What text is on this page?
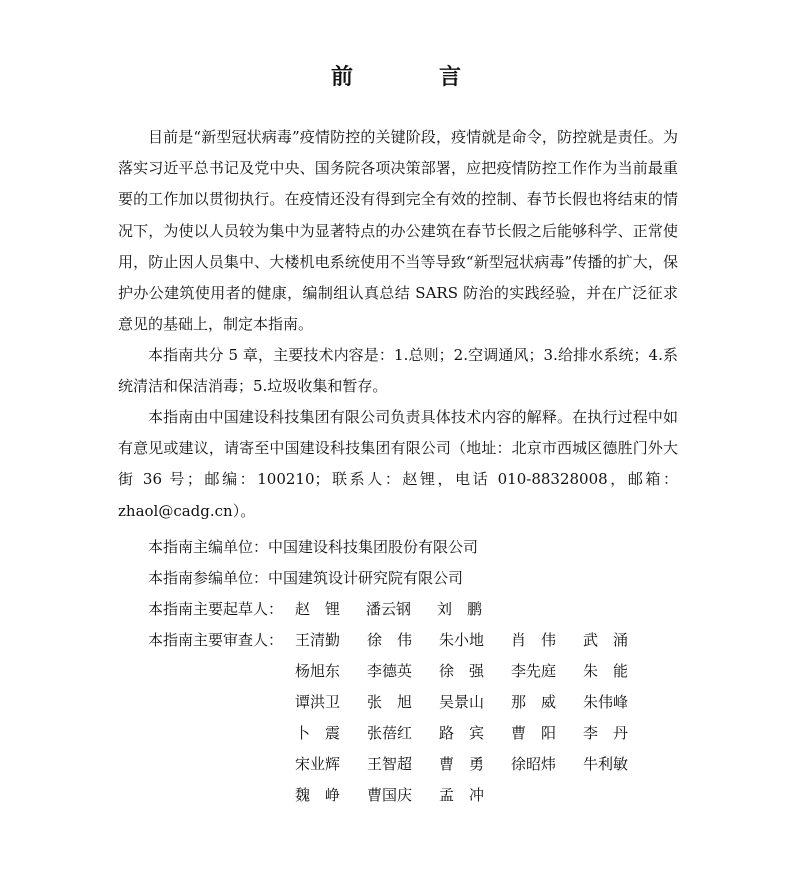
前　言

目前是“新型冠状病毒”疫情防控的关键阶段，疫情就是命令，防控就是责任。为落实习近平总书记及党中央、国务院各项决策部署，应把疫情防控工作作为当前最重要的工作加以贯彻执行。在疫情还没有得到完全有效的控制、春节长假也将结束的情况下，为使以人员较为集中为显著特点的办公建筑在春节长假之后能够科学、正常使用，防止因人员集中、大楼机电系统使用不当等导致“新型冠状病毒”传播的扩大，保护办公建筑使用者的健康，编制组认真总结 SARS 防治的实践经验，并在广泛征求意见的基础上，制定本指南。

本指南共分 5 章，主要技术内容是：1.总则；2.空调通风；3.给排水系统；4.系统清洁和保洁消毒；5.垃圾收集和暂存。

本指南由中国建设科技集团有限公司负责具体技术内容的解释。在执行过程中如有意见或建议，请寄至中国建设科技集团有限公司（地址：北京市西城区德胜门外大街 36 号；邮编：100210；联系人：赵锂，电话 010-88328008，邮箱：zhaol@cadg.cn）。

本指南主编单位：中国建设科技集团股份有限公司
本指南参编单位：中国建筑设计研究院有限公司
本指南主要起草人： 赵　锂 潘云钢 刘　鹏
本指南主要审查人： 王清勤	徐　伟	朱小地	肖　伟	武　涌
杨旭东	李德英	徐　强	李先庭	朱　能
谭洪卫	张　旭	吴景山	那　威	朱伟峰
卜　震	张蓓红	路　宾	曹　阳	李　丹
宋业辉	王智超	曹　勇	徐昭炜	牛利敏
魏　峥	曹国庆	孟　冲
